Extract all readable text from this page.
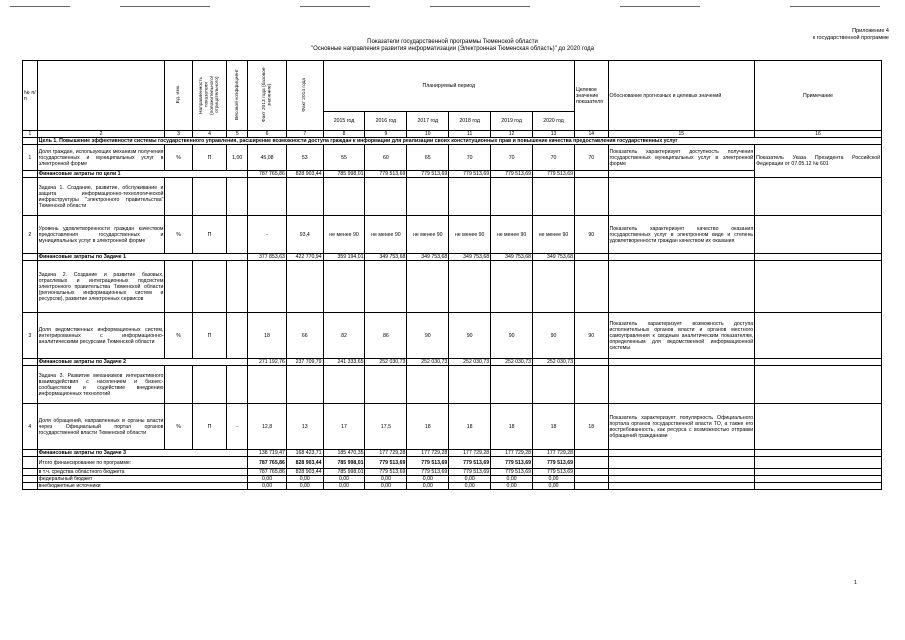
Приложение 4
к государственной программе
Показатели государственной программы Тюменской области
"Основные направления развития информатизации (Электронная Тюменская область)" до 2020 года
№ п/п		Ед. изм.	Направленность показателя (положительного/отрицательного)	Весовой коэффициент	Факт 2013 года (базовое значение)	Факт 2014 года	Планируемый период						Целевое значение показателя	Обоснование прогнозных и целевых значений	Примечание
							2015 год	2016 год	2017 год	2018 год	2019 год	2020 год			
1	2	3	4	5	6	7	8	9	10	11	12	13	14	15	16
	Цель 1. Повышение эффективности системы государственного управления, расширение возможности доступа граждан к информации для реализации своих конституционных прав и повышение качества предоставления государственных услуг														
1	Доля граждан, использующих механизм получения государственных и муниципальных услуг в электронной форме	%	П	1,00	45,08	53	55	60	65	70	70	70	70	Показатель характеризует доступность получения государственных муниципальных услуг в электронной форме	Показатель Указа Президента Российской Федерации от 07.05.12 № 601
	Финансовые затраты по цели 1				787 765,86	828 903,44	785 998,01	779 513,69	779 513,69	779 513,69	779 513,69	779 513,69			
	Задача 1. Создание, развитие, обслуживание и защита информационно-технологической инфраструктуры "электронного правительства" Тюменской области														
2	Уровень удовлетворенности граждан качеством предоставления государственных и муниципальных услуг в электронной форме	%	П		-	93,4	не менее 90	не менее 90	не менее 90	не менее 90	не менее 90	не менее 90	90	Показатель характеризует качество оказания государственных услуг в электронном виде и степень удовлетворенности граждан качеством их оказания	
	Финансовые затраты по Задаче 1				377 853,63	422 770,94	359 194,01	349 753,68	349 753,68	349 753,68	349 753,68	349 753,68			
	Задача 2. Создание и развитие базовых, отраслевых и интеграционных подсистем электронного правительства Тюменской области (региональных информационных систем и ресурсов), развитие электронных сервисов														
3	Доля ведомственных информационных систем, интегрированных с информационно-аналитическими ресурсами Тюменской области	%	П		18	66	82	86	90	90	90	90	90	Показатель характеризует возможность доступа исполнительных органов власти и органов местного самоуправления к сводным аналитическим показателям, определенным для ведомственной информационной системы	
	Финансовые затраты по Задаче 2				271 192,76	237 709,79	241 333,65	252 030,73	252 030,73	252 030,73	252 030,73	252 030,73			
	Задача 3. Развитие механизмов интерактивного взаимодействия с населением и бизнес-сообществом и содействие внедрению информационных технологий														
4	Доля обращений, направленных в органы власти через Официальный портал органов государственной власти Тюменской области	%	П	-	12,8	13	17	17,5	18	18	18	18	18	Показатель характеризует популярность Официального портала органов государственной власти ТО, а также его востребованность, как ресурса с возможностью отправки обращений гражданами	
	Финансовые затраты по Задаче 3				138 719,47	168 423,71	185 470,35	177 729,28	177 729,28	177 729,28	177 729,28	177 729,28			
	Итого финансирование по программе:				787 765,86	828 903,44	785 998,01	779 513,69	779 513,69	779 513,69	779 513,69	779 513,69			
	в т.ч. средства областного бюджета				787 765,86	828 903,44	785 998,01	779 513,69	779 513,69	779 513,69	779 513,69	779 513,69			
	федеральный бюджет				0,00	0,00	0,00	0,00	0,00	0,00	0,00	0,00			
	внебюджетные источники				0,00	0,00	0,00	0,00	0,00	0,00	0,00	0,00			
1
